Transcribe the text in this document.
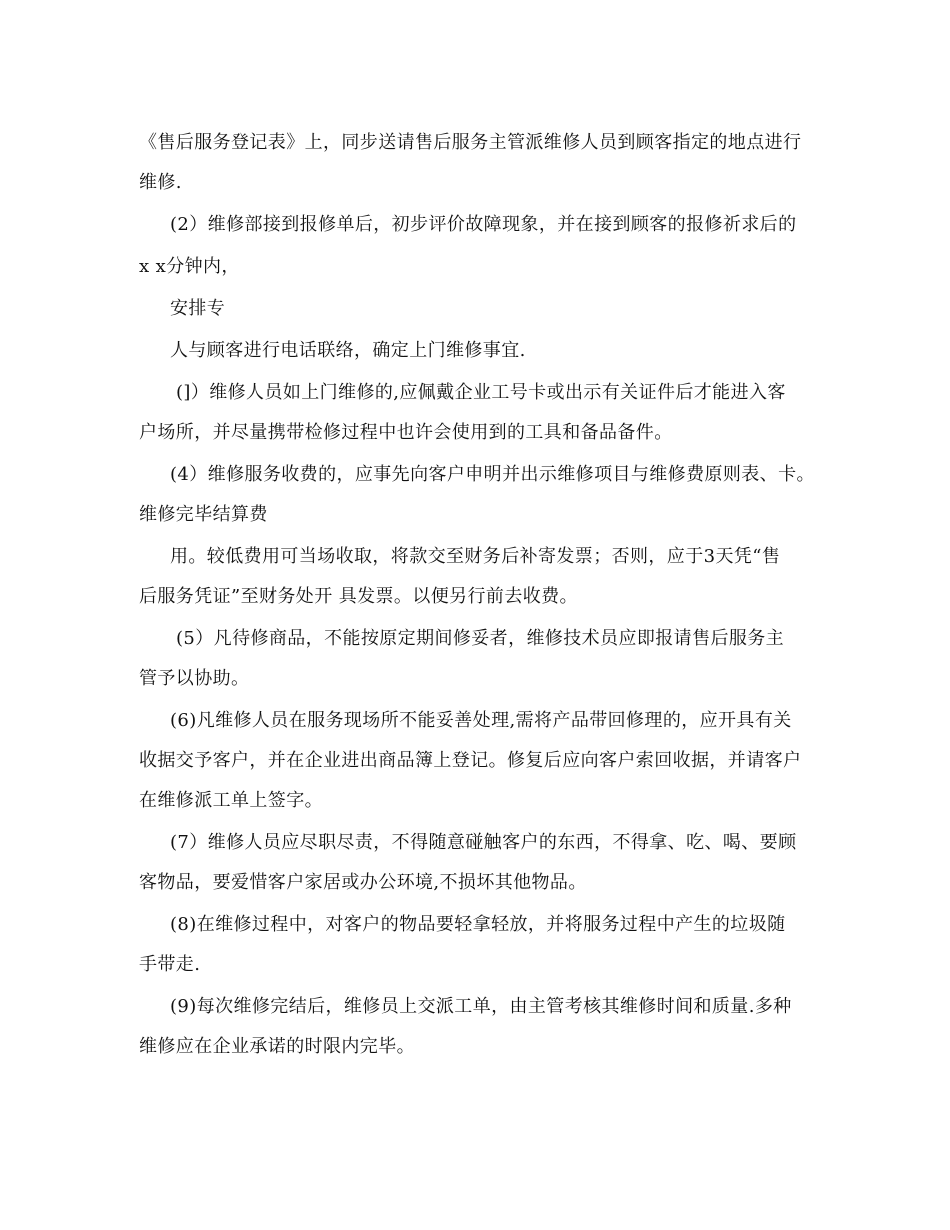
《售后服务登记表》上，同步送请售后服务主管派维修人员到顾客指定的地点进行
维修.
(2）维修部接到报修单后，初步评价故障现象，并在接到顾客的报修祈求后的
x x分钟内，
安排专
人与顾客进行电话联络，确定上门维修事宜.
(]）维修人员如上门维修的,应佩戴企业工号卡或出示有关证件后才能进入客
户场所，并尽量携带检修过程中也许会使用到的工具和备品备件。
(4）维修服务收费的，应事先向客户申明并出示维修项目与维修费原则表、卡。
维修完毕结算费
用。较低费用可当场收取，将款交至财务后补寄发票；否则，应于3天凭“售
后服务凭证”至财务处开 具发票。以便另行前去收费。
(5）凡待修商品，不能按原定期间修妥者，维修技术员应即报请售后服务主
管予以协助。
(6)凡维修人员在服务现场所不能妥善处理,需将产品带回修理的，应开具有关
收据交予客户，并在企业进出商品簿上登记。修复后应向客户索回收据，并请客户
在维修派工单上签字。
(7）维修人员应尽职尽责，不得随意碰触客户的东西，不得拿、吃、喝、要顾
客物品，要爱惜客户家居或办公环境,不损坏其他物品。
(8)在维修过程中，对客户的物品要轻拿轻放，并将服务过程中产生的垃圾随
手带走.
(9)每次维修完结后，维修员上交派工单，由主管考核其维修时间和质量.多种
维修应在企业承诺的时限内完毕。
